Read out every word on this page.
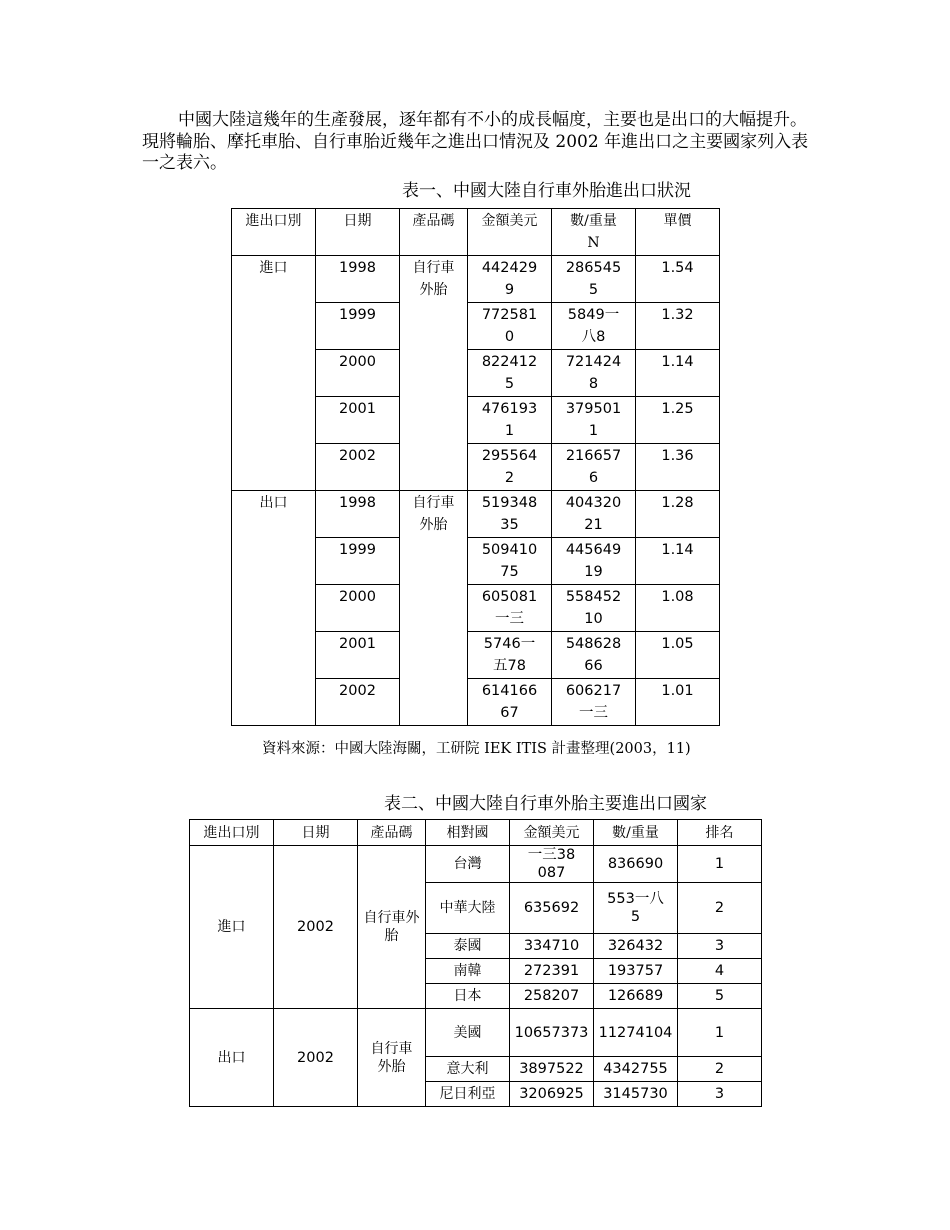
中國大陸這幾年的生產發展，逐年都有不小的成長幅度，主要也是出口的大幅提升。現將輪胎、摩托車胎、自行車胎近幾年之進出口情況及 2002 年進出口之主要國家列入表一之表六。

表一、中國大陸自行車外胎進出口狀況
進出口別	日期	產品碼	金額美元	數/重量 N	單價
進口	1998	自行車外胎	4424299	2865455	1.54
	1999		7725810	5849一八8	1.32
	2000		8224125	7214248	1.14
	2001		4761931	3795011	1.25
	2002		2955642	2166576	1.36
出口	1998	自行車外胎	51934835	40432021	1.28
	1999		50941075	44564919	1.14
	2000		605081一三	55845210	1.08
	2001		5746一五78	54862866	1.05
	2002		61416667	606217一三	1.01
資料來源：中國大陸海關，工研院 IEK ITIS 計畫整理(2003，11)
表二、中國大陸自行車外胎主要進出口國家
進出口別	日期	產品碼	相對國	金額美元	數/重量	排名
進口	2002	自行車外胎	台灣	一三38087	836690	1
			中華大陸	635692	553一八5	2
			泰國	334710	326432	3
			南韓	272391	193757	4
			日本	258207	126689	5
出口	2002	自行車外胎	美國	10657373	11274104	1
			意大利	3897522	4342755	2
			尼日利亞	3206925	3145730	3
